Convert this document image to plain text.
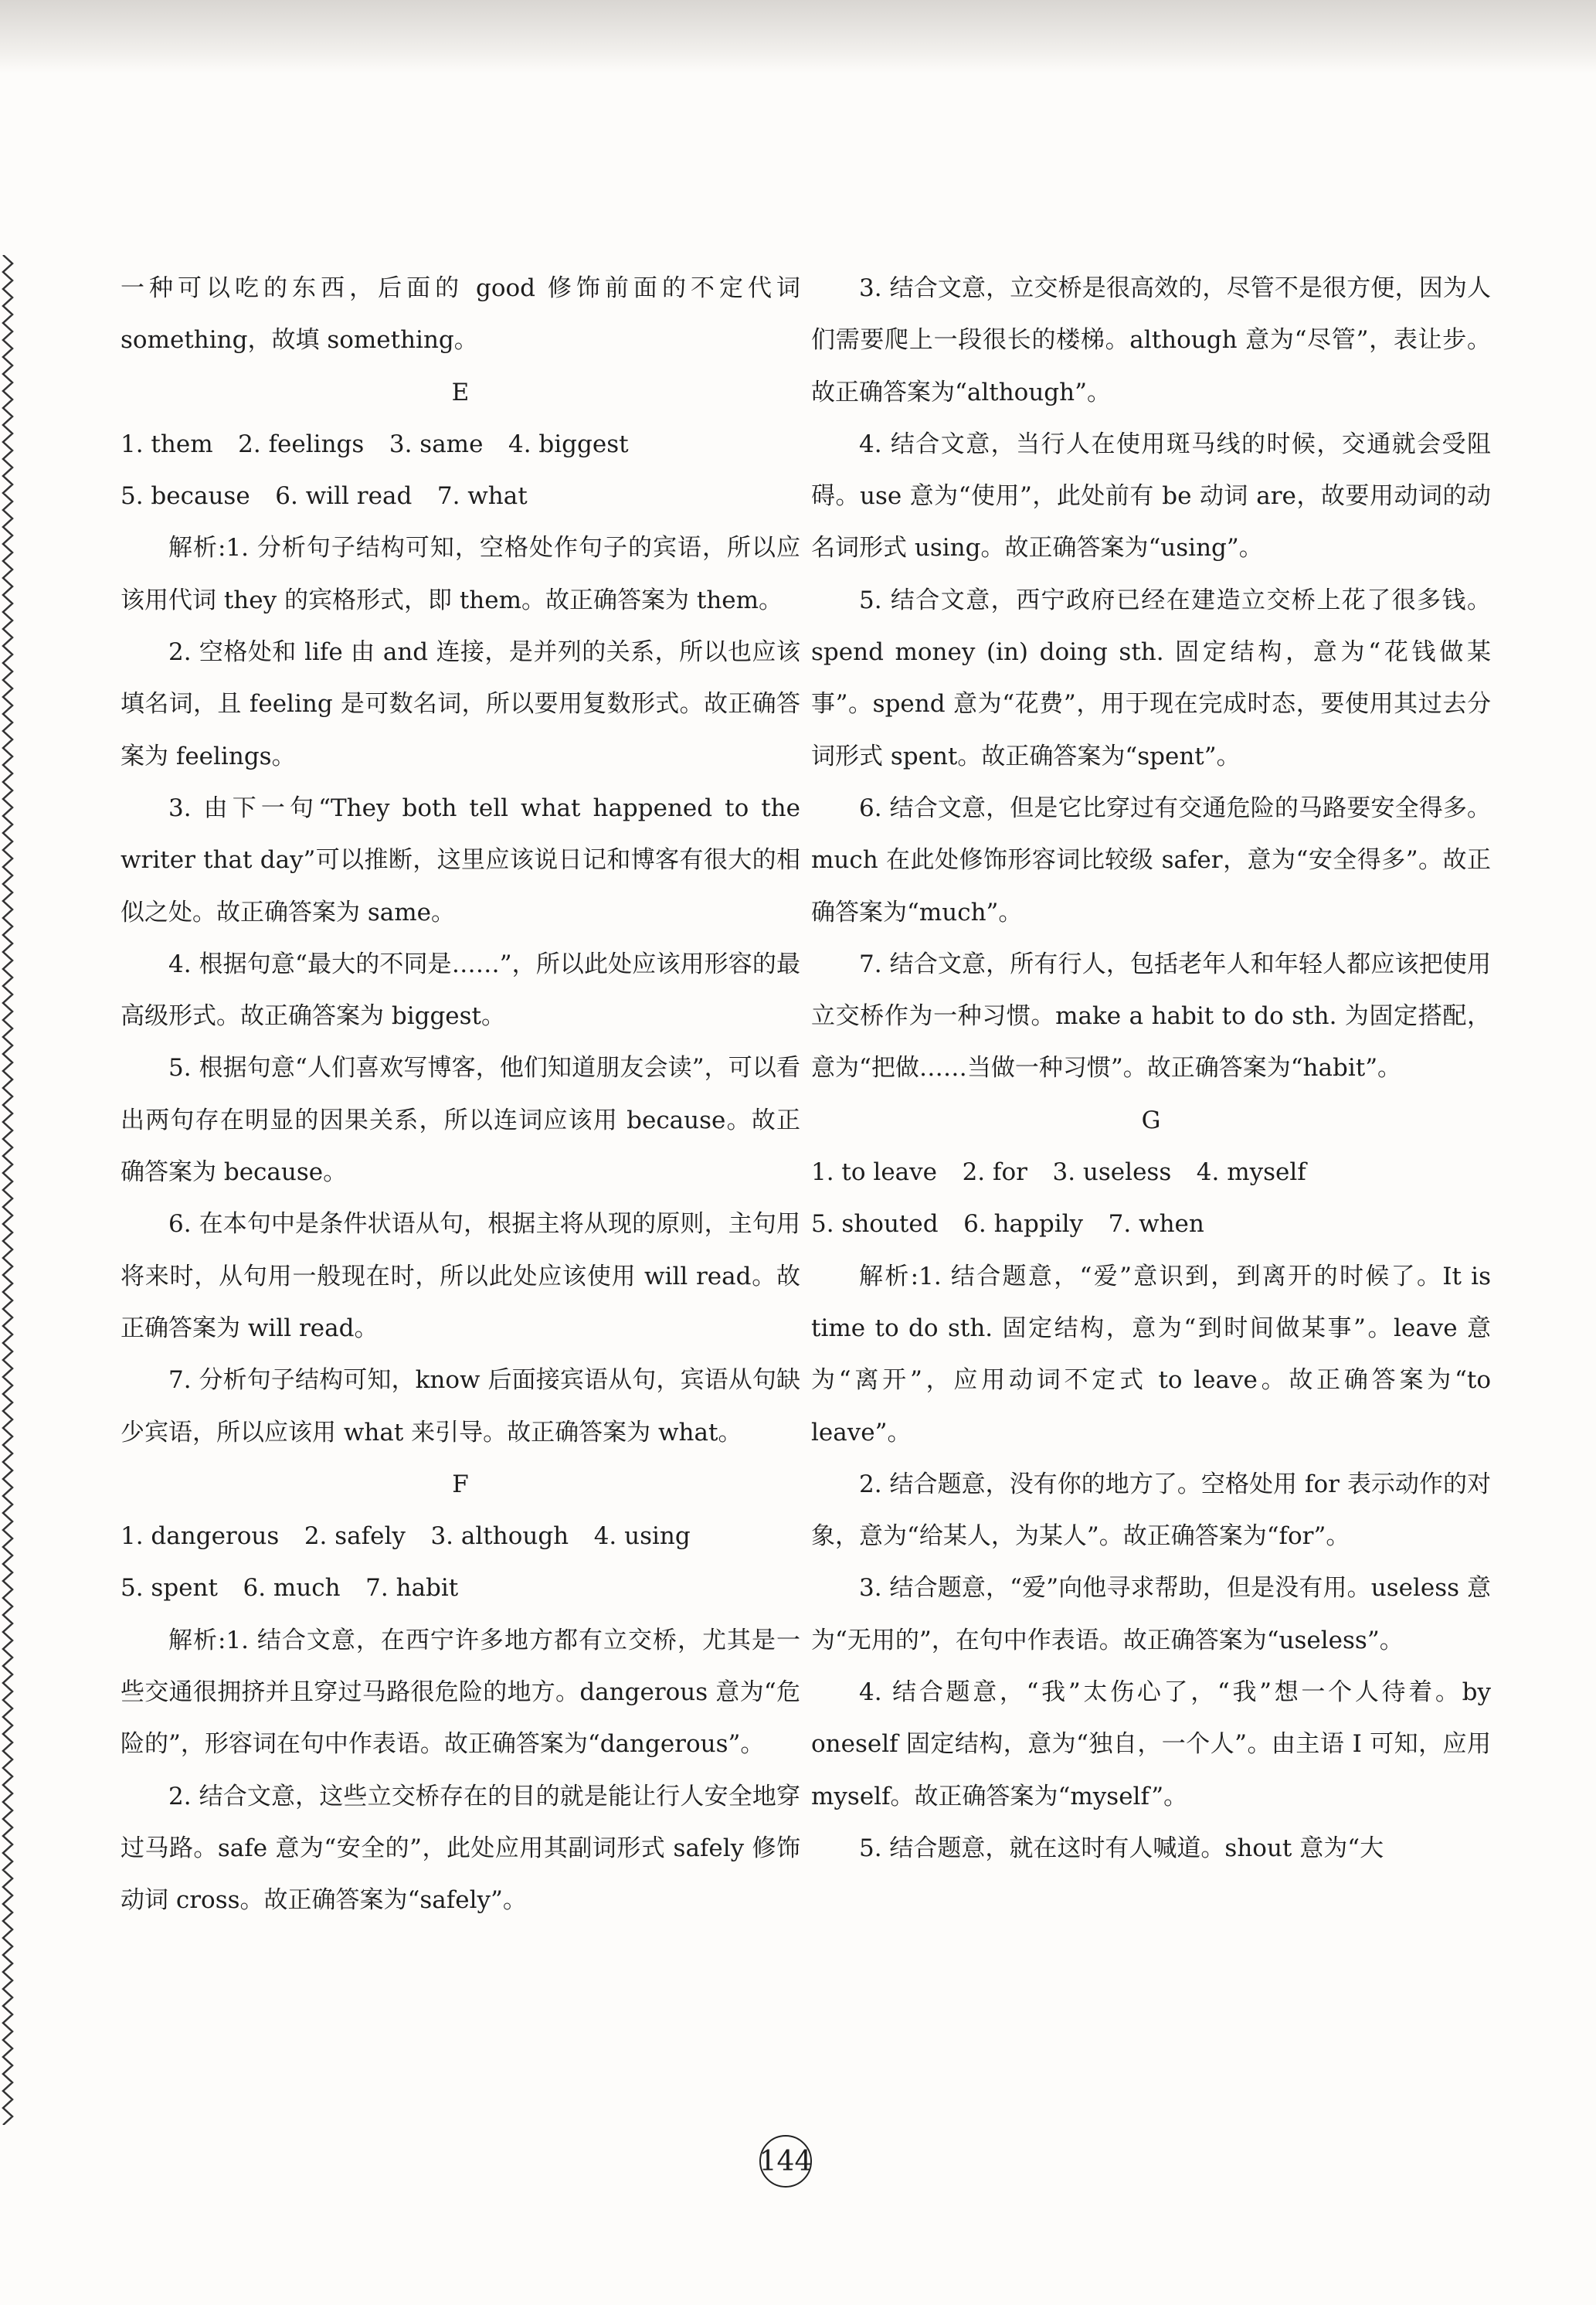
一种可以吃的东西，后面的 good 修饰前面的不定代词 something，故填 something。

E

1. them 2. feelings 3. same 4. biggest
5. because 6. will read 7. what

解析:1. 分析句子结构可知，空格处作句子的宾语，所以应该用代词 they 的宾格形式，即 them。故正确答案为 them。

2. 空格处和 life 由 and 连接，是并列的关系，所以也应该填名词，且 feeling 是可数名词，所以要用复数形式。故正确答案为 feelings。

3. 由下一句“They both tell what happened to the writer that day”可以推断，这里应该说日记和博客有很大的相似之处。故正确答案为 same。

4. 根据句意“最大的不同是……”，所以此处应该用形容的最高级形式。故正确答案为 biggest。

5. 根据句意“人们喜欢写博客，他们知道朋友会读”，可以看出两句存在明显的因果关系，所以连词应该用 because。故正确答案为 because。

6. 在本句中是条件状语从句，根据主将从现的原则，主句用将来时，从句用一般现在时，所以此处应该使用 will read。故正确答案为 will read。

7. 分析句子结构可知，know 后面接宾语从句，宾语从句缺少宾语，所以应该用 what 来引导。故正确答案为 what。

F

1. dangerous 2. safely 3. although 4. using
5. spent 6. much 7. habit

解析:1. 结合文意，在西宁许多地方都有立交桥，尤其是一些交通很拥挤并且穿过马路很危险的地方。dangerous 意为“危险的”，形容词在句中作表语。故正确答案为“dangerous”。

2. 结合文意，这些立交桥存在的目的就是能让行人安全地穿过马路。safe 意为“安全的”，此处应用其副词形式 safely 修饰动词 cross。故正确答案为“safely”。

3. 结合文意，立交桥是很高效的，尽管不是很方便，因为人们需要爬上一段很长的楼梯。although 意为“尽管”，表让步。故正确答案为“although”。

4. 结合文意，当行人在使用斑马线的时候，交通就会受阻碍。use 意为“使用”，此处前有 be 动词 are，故要用动词的动名词形式 using。故正确答案为“using”。

5. 结合文意，西宁政府已经在建造立交桥上花了很多钱。spend money (in) doing sth. 固定结构，意为“花钱做某事”。spend 意为“花费”，用于现在完成时态，要使用其过去分词形式 spent。故正确答案为“spent”。

6. 结合文意，但是它比穿过有交通危险的马路要安全得多。much 在此处修饰形容词比较级 safer，意为“安全得多”。故正确答案为“much”。

7. 结合文意，所有行人，包括老年人和年轻人都应该把使用立交桥作为一种习惯。make a habit to do sth. 为固定搭配，意为“把做……当做一种习惯”。故正确答案为“habit”。

G

1. to leave 2. for 3. useless 4. myself
5. shouted 6. happily 7. when

解析:1. 结合题意，“爱”意识到，到离开的时候了。It is time to do sth. 固定结构，意为“到时间做某事”。leave 意为“离开”，应用动词不定式 to leave。故正确答案为“to leave”。

2. 结合题意，没有你的地方了。空格处用 for 表示动作的对象，意为“给某人，为某人”。故正确答案为“for”。

3. 结合题意，“爱”向他寻求帮助，但是没有用。useless 意为“无用的”，在句中作表语。故正确答案为“useless”。

4. 结合题意，“我”太伤心了，“我”想一个人待着。by oneself 固定结构，意为“独自，一个人”。由主语 I 可知，应用 myself。故正确答案为“myself”。

5. 结合题意，就在这时有人喊道。shout 意为“大

144
